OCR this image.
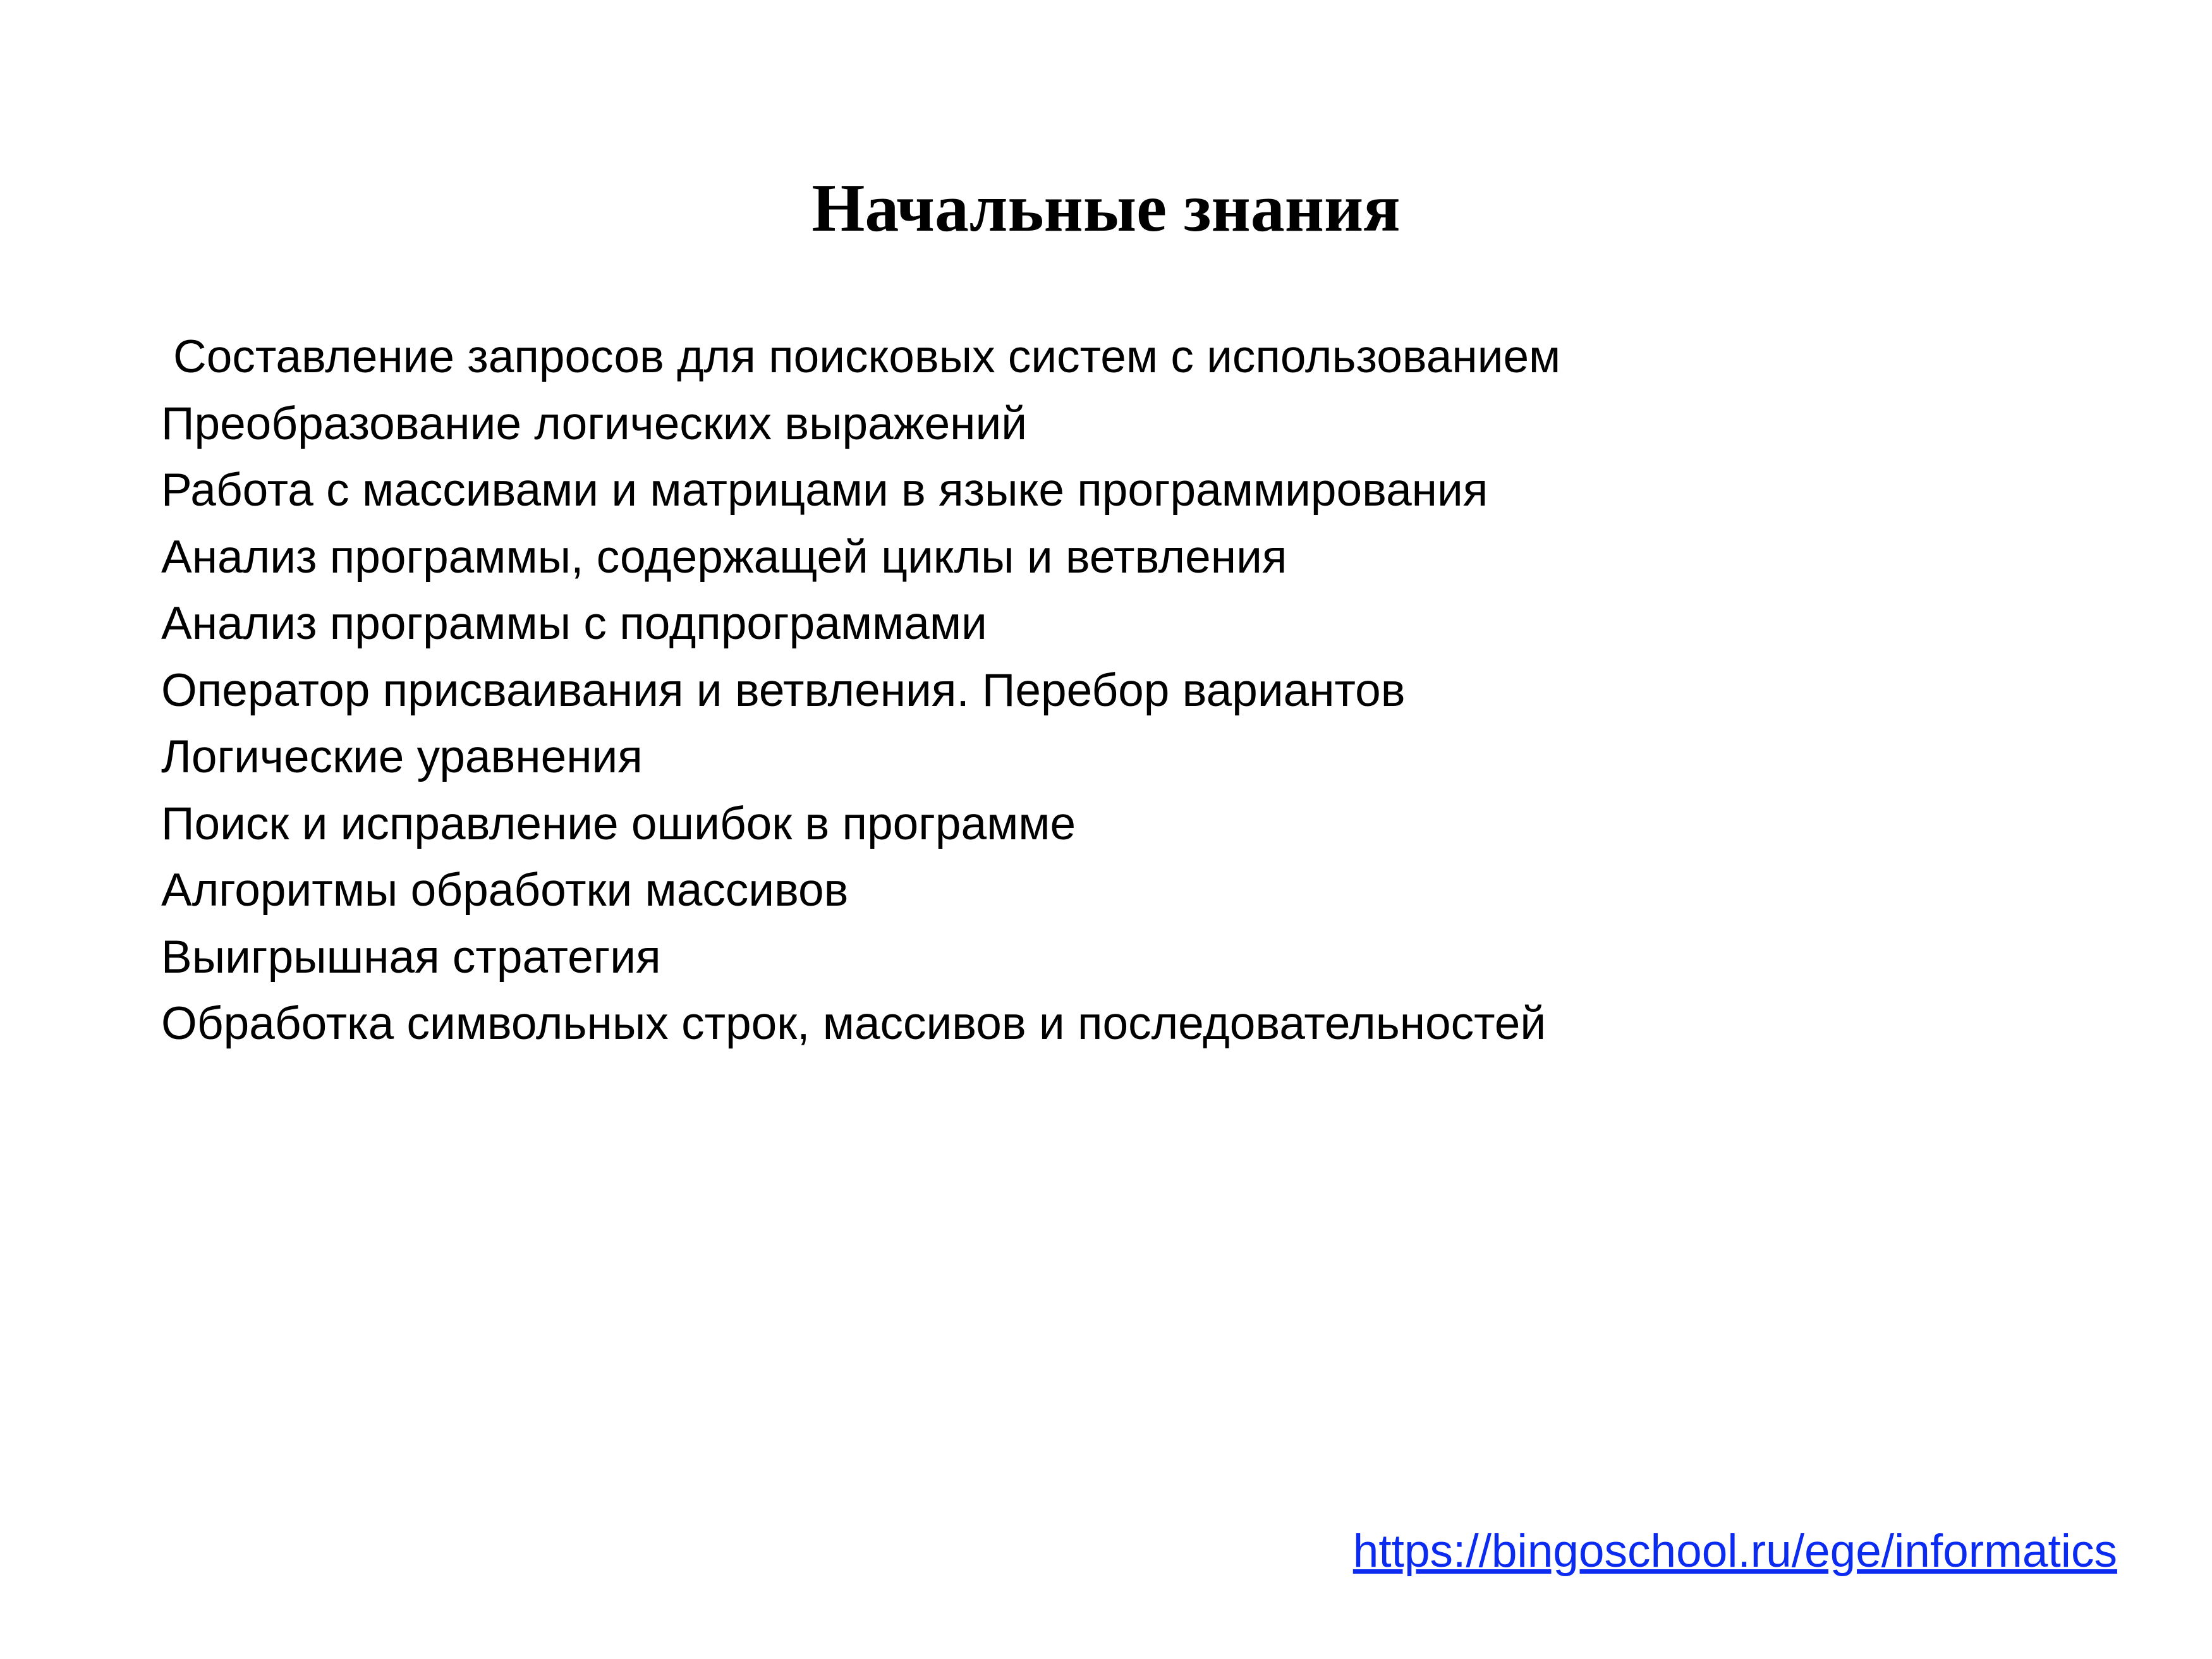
Начальные знания
Составление запросов для поисковых систем с использованием
Преобразование логических выражений
Работа с массивами и матрицами в языке программирования
Анализ программы, содержащей циклы и ветвления
Анализ программы с подпрограммами
Оператор присваивания и ветвления. Перебор вариантов
Логические уравнения
Поиск и исправление ошибок в программе
Алгоритмы обработки массивов
Выигрышная стратегия
Обработка символьных строк, массивов и последовательностей
https://bingoschool.ru/ege/informatics
